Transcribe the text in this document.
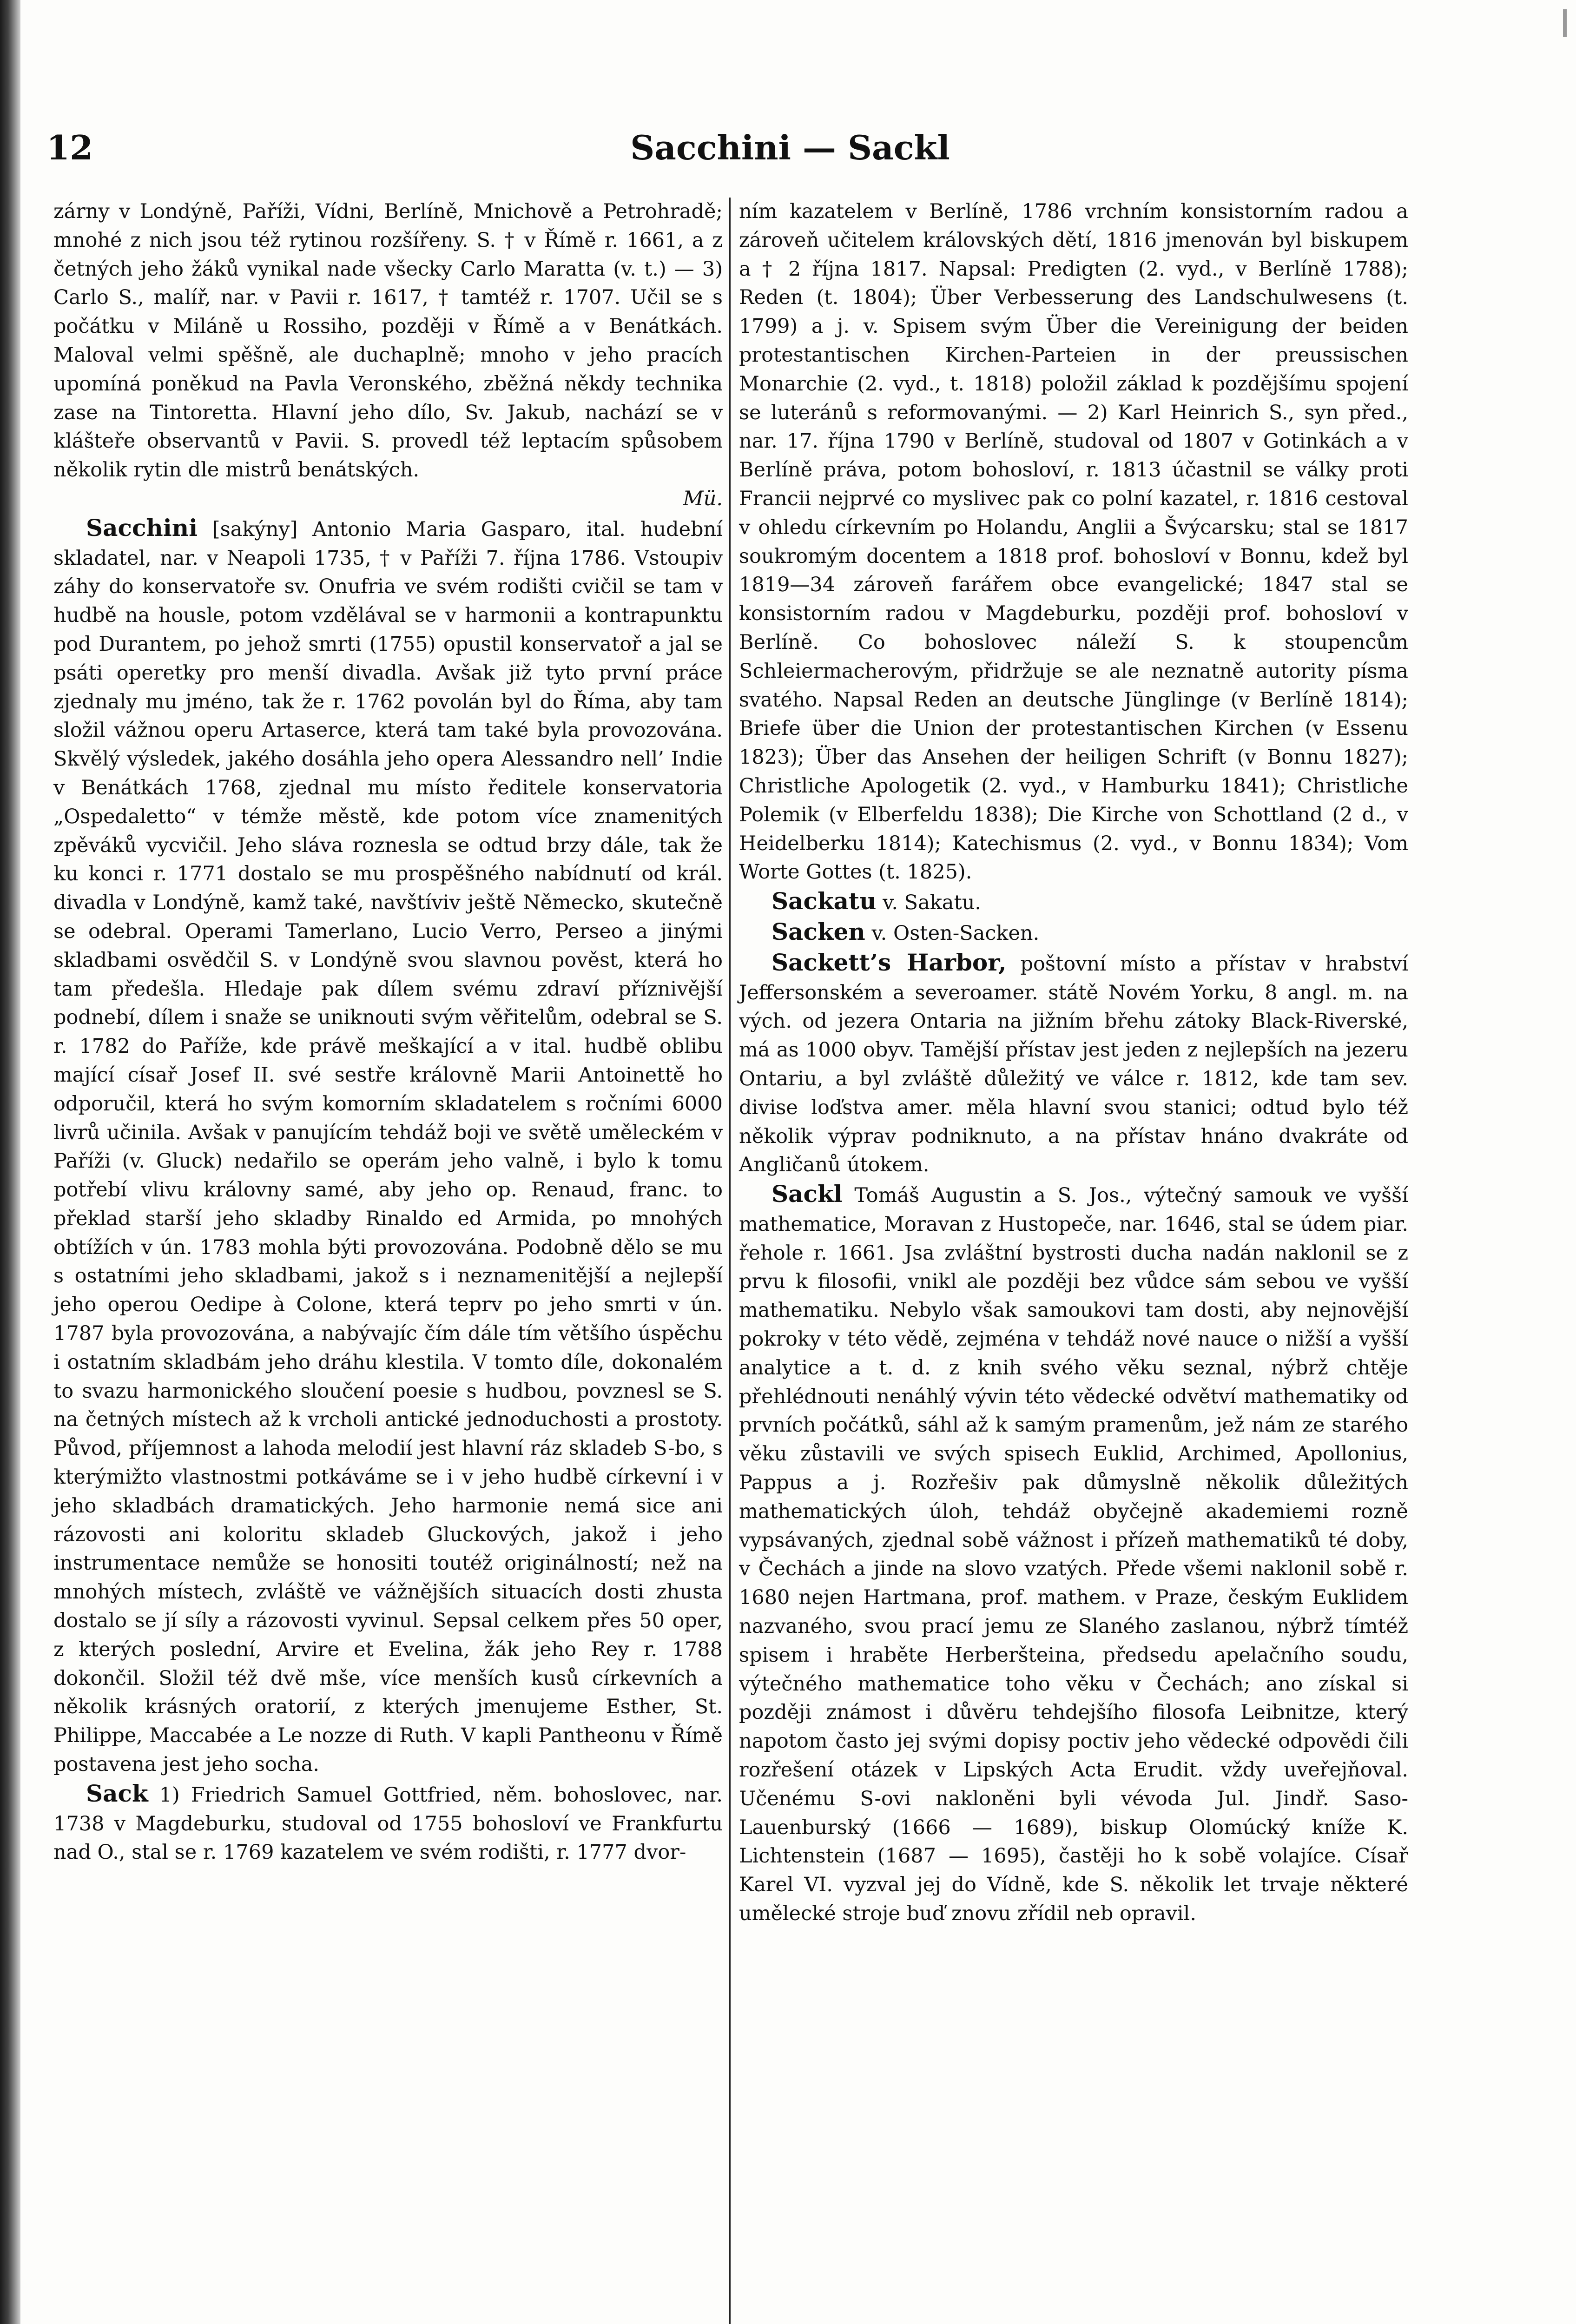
12	Sacchini — Sackl

zárny v Londýně, Paříži, Vídni, Berlíně, Mnichově a Petrohradě; mnohé z nich jsou též rytinou rozšířeny. S. † v Římě r. 1661, a z četných jeho žáků vynikal nade všecky Carlo Maratta (v. t.) — 3) Carlo S., malíř, nar. v Pavii r. 1617, † tamtéž r. 1707. Učil se s počátku v Miláně u Rossiho, později v Římě a v Benátkách. Maloval velmi spěšně, ale duchaplně; mnoho v jeho pracích upomíná poněkud na Pavla Veronského, zběžná někdy technika zase na Tintoretta. Hlavní jeho dílo, Sv. Jakub, nachází se v klášteře observantů v Pavii. S. provedl též leptacím spůsobem několik rytin dle mistrů benátských.

Mü.

Sacchini [sakýny] Antonio Maria Gasparo, ital. hudební skladatel, nar. v Neapoli 1735, † v Paříži 7. října 1786. Vstoupiv záhy do konservatoře sv. Onufria ve svém rodišti cvičil se tam v hudbě na housle, potom vzdělával se v harmonii a kontrapunktu pod Durantem, po jehož smrti (1755) opustil konservatoř a jal se psáti operetky pro menší divadla. Avšak již tyto první práce zjednaly mu jméno, tak že r. 1762 povolán byl do Říma, aby tam složil vážnou operu Artaserce, která tam také byla provozována. Skvělý výsledek, jakého dosáhla jeho opera Alessandro nell’ Indie v Benátkách 1768, zjednal mu místo ředitele konservatoria „Ospedaletto“ v témže městě, kde potom více znamenitých zpěváků vycvičil. Jeho sláva roznesla se odtud brzy dále, tak že ku konci r. 1771 dostalo se mu prospěšného nabídnutí od král. divadla v Londýně, kamž také, navštíviv ještě Německo, skutečně se odebral. Operami Tamerlano, Lucio Verro, Perseo a jinými skladbami osvědčil S. v Londýně svou slavnou pověst, která ho tam předešla. Hledaje pak dílem svému zdraví příznivější podnebí, dílem i snaže se uniknouti svým věřitelům, odebral se S. r. 1782 do Paříže, kde právě meškající a v ital. hudbě oblibu mající císař Josef II. své sestře královně Marii Antoinettě ho odporučil, která ho svým komorním skladatelem s ročními 6000 livrů učinila. Avšak v panujícím tehdáž boji ve světě uměleckém v Paříži (v. Gluck) nedařilo se operám jeho valně, i bylo k tomu potřebí vlivu královny samé, aby jeho op. Renaud, franc. to překlad starší jeho skladby Rinaldo ed Armida, po mnohých obtížích v ún. 1783 mohla býti provozována. Podobně dělo se mu s ostatními jeho skladbami, jakož s i neznamenitější a nejlepší jeho operou Oedipe à Colone, která teprv po jeho smrti v ún. 1787 byla provozována, a nabývajíc čím dále tím většího úspěchu i ostatním skladbám jeho dráhu klestila. V tomto díle, dokonalém to svazu harmonického sloučení poesie s hudbou, povznesl se S. na četných místech až k vrcholi antické jednoduchosti a prostoty. Původ, příjemnost a lahoda melodií jest hlavní ráz skladeb S-bo, s kterýmižto vlastnostmi potkáváme se i v jeho hudbě církevní i v jeho skladbách dramatických. Jeho harmonie nemá sice ani rázovosti ani koloritu skladeb Gluckových, jakož i jeho instrumentace nemůže se honositi toutéž originálností; než na mnohých místech, zvláště ve vážnějších situacích dosti zhusta dostalo se jí síly a rázovosti vyvinul. Sepsal celkem přes 50 oper, z kterých poslední, Arvire et Evelina, žák jeho Rey r. 1788 dokončil. Složil též dvě mše, více menších kusů církevních a několik krásných oratorií, z kterých jmenujeme Esther, St. Philippe, Maccabée a Le nozze di Ruth. V kapli Pantheonu v Římě postavena jest jeho socha.

Sack 1) Friedrich Samuel Gottfried, něm. bohoslovec, nar. 1738 v Magdeburku, studoval od 1755 bohosloví ve Frankfurtu nad O., stal se r. 1769 kazatelem ve svém rodišti, r. 1777 dvor-

ním kazatelem v Berlíně, 1786 vrchním konsistorním radou a zároveň učitelem královských dětí, 1816 jmenován byl biskupem a † 2 října 1817. Napsal: Predigten (2. vyd., v Berlíně 1788); Reden (t. 1804); Über Verbesserung des Landschulwesens (t. 1799) a j. v. Spisem svým Über die Vereinigung der beiden protestantischen Kirchen-Parteien in der preussischen Monarchie (2. vyd., t. 1818) položil základ k pozdějšímu spojení se luteránů s reformovanými. — 2) Karl Heinrich S., syn před., nar. 17. října 1790 v Berlíně, studoval od 1807 v Gotinkách a v Berlíně práva, potom bohosloví, r. 1813 účastnil se války proti Francii nejprvé co myslivec pak co polní kazatel, r. 1816 cestoval v ohledu církevním po Holandu, Anglii a Švýcarsku; stal se 1817 soukromým docentem a 1818 prof. bohosloví v Bonnu, kdež byl 1819—34 zároveň farářem obce evangelické; 1847 stal se konsistorním radou v Magdeburku, později prof. bohosloví v Berlíně. Co bohoslovec náleží S. k stoupencům Schleiermacherovým, přidržuje se ale neznatně autority písma svatého. Napsal Reden an deutsche Jünglinge (v Berlíně 1814); Briefe über die Union der protestantischen Kirchen (v Essenu 1823); Über das Ansehen der heiligen Schrift (v Bonnu 1827); Christliche Apologetik (2. vyd., v Hamburku 1841); Christliche Polemik (v Elberfeldu 1838); Die Kirche von Schottland (2 d., v Heidelberku 1814); Katechismus (2. vyd., v Bonnu 1834); Vom Worte Gottes (t. 1825).

Sackatu v. Sakatu.

Sacken v. Osten-Sacken.

Sackett’s Harbor, poštovní místo a přístav v hrabství Jeffersonském a severoamer. státě Novém Yorku, 8 angl. m. na vých. od jezera Ontaria na jižním břehu zátoky Black-Riverské, má as 1000 obyv. Tamější přístav jest jeden z nejlepších na jezeru Ontariu, a byl zvláště důležitý ve válce r. 1812, kde tam sev. divise loďstva amer. měla hlavní svou stanici; odtud bylo též několik výprav podniknuto, a na přístav hnáno dvakráte od Angličanů útokem.

Sackl Tomáš Augustin a S. Jos., výtečný samouk ve vyšší mathematice, Moravan z Hustopeče, nar. 1646, stal se údem piar. řehole r. 1661. Jsa zvláštní bystrosti ducha nadán naklonil se z prvu k filosofii, vnikl ale později bez vůdce sám sebou ve vyšší mathematiku. Nebylo však samoukovi tam dosti, aby nejnovější pokroky v této vědě, zejména v tehdáž nové nauce o nižší a vyšší analytice a t. d. z knih svého věku seznal, nýbrž chtěje přehlédnouti nenáhlý vývin této vědecké odvětví mathematiky od prvních počátků, sáhl až k samým pramenům, jež nám ze starého věku zůstavili ve svých spisech Euklid, Archimed, Apollonius, Pappus a j. Rozřešiv pak důmyslně několik důležitých mathematických úloh, tehdáž obyčejně akademiemi rozně vypsávaných, zjednal sobě vážnost i přízeň mathematiků té doby, v Čechách a jinde na slovo vzatých. Přede všemi naklonil sobě r. 1680 nejen Hartmana, prof. mathem. v Praze, českým Euklidem nazvaného, svou prací jemu ze Slaného zaslanou, nýbrž tímtéž spisem i hraběte Herberšteina, předsedu apelačního soudu, výtečného mathematice toho věku v Čechách; ano získal si později známost i důvěru tehdejšího filosofa Leibnitze, který napotom často jej svými dopisy poctiv jeho vědecké odpovědi čili rozřešení otázek v Lipských Acta Erudit. vždy uveřejňoval. Učenému S-ovi nakloněni byli vévoda Jul. Jindř. Saso-Lauenburský (1666 — 1689), biskup Olomúcký kníže K. Lichtenstein (1687 — 1695), častěji ho k sobě volajíce. Císař Karel VI. vyzval jej do Vídně, kde S. několik let trvaje některé umělecké stroje buď znovu zřídil neb opravil.
